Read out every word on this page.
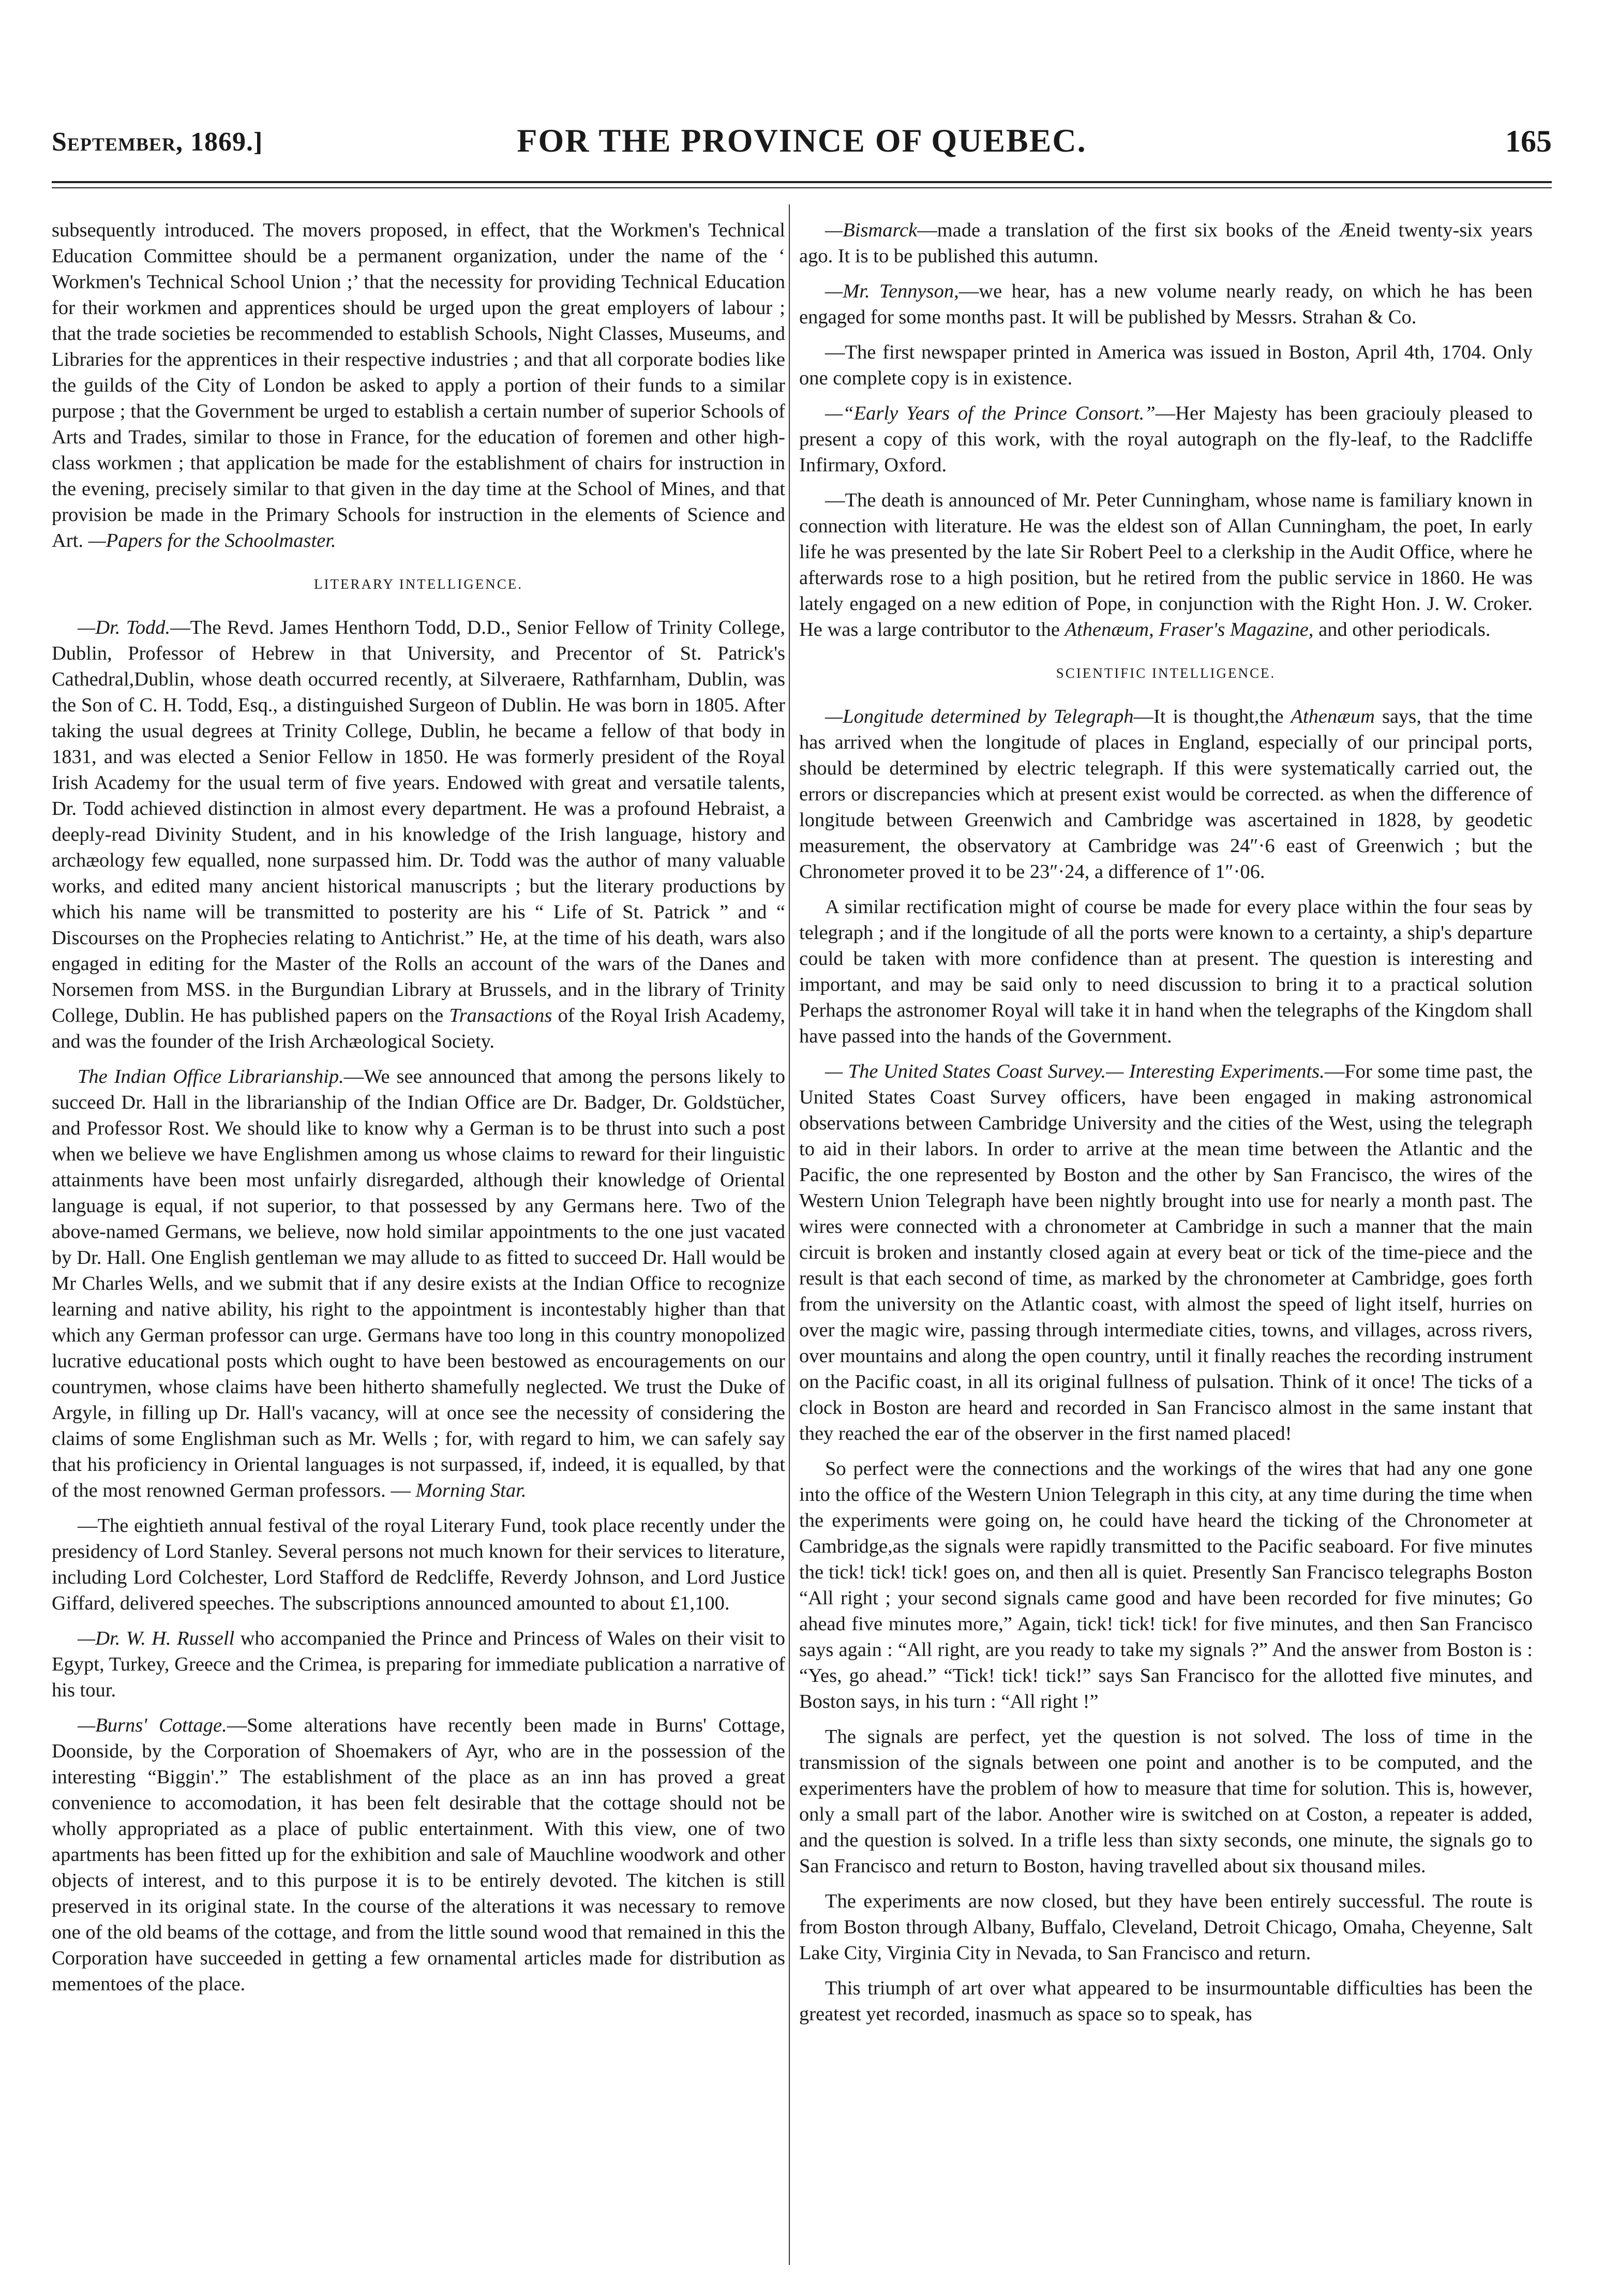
September, 1869.]	FOR THE PROVINCE OF QUEBEC.	165

subsequently introduced. The movers proposed, in effect, that the Workmen's Technical Education Committee should be a permanent organization, under the name of the ‘ Workmen's Technical School Union ;’ that the necessity for providing Technical Education for their workmen and apprentices should be urged upon the great employers of labour ; that the trade societies be recommended to establish Schools, Night Classes, Museums, and Libraries for the apprentices in their respective industries ; and that all corporate bodies like the guilds of the City of London be asked to apply a portion of their funds to a similar purpose ; that the Government be urged to establish a certain number of superior Schools of Arts and Trades, similar to those in France, for the education of foremen and other high-class workmen ; that application be made for the establishment of chairs for instruction in the evening, precisely similar to that given in the day time at the School of Mines, and that provision be made in the Primary Schools for instruction in the elements of Science and Art. —Papers for the Schoolmaster.

LITERARY INTELLIGENCE.

—Dr. Todd.—The Revd. James Henthorn Todd, D.D., Senior Fellow of Trinity College, Dublin, Professor of Hebrew in that University, and Precentor of St. Patrick's Cathedral,Dublin, whose death occurred recently, at Silveraere, Rathfarnham, Dublin, was the Son of C. H. Todd, Esq., a distinguished Surgeon of Dublin. He was born in 1805. After taking the usual degrees at Trinity College, Dublin, he became a fellow of that body in 1831, and was elected a Senior Fellow in 1850. He was formerly president of the Royal Irish Academy for the usual term of five years. Endowed with great and versatile talents, Dr. Todd achieved distinction in almost every department. He was a profound Hebraist, a deeply-read Divinity Student, and in his knowledge of the Irish language, history and archæology few equalled, none surpassed him. Dr. Todd was the author of many valuable works, and edited many ancient historical manuscripts ; but the literary productions by which his name will be transmitted to posterity are his “ Life of St. Patrick ” and “ Discourses on the Prophecies relating to Antichrist.” He, at the time of his death, wars also engaged in editing for the Master of the Rolls an account of the wars of the Danes and Norsemen from MSS. in the Burgundian Library at Brussels, and in the library of Trinity College, Dublin. He has published papers on the Transactions of the Royal Irish Academy, and was the founder of the Irish Archæological Society.

The Indian Office Librarianship.—We see announced that among the persons likely to succeed Dr. Hall in the librarianship of the Indian Office are Dr. Badger, Dr. Goldstücher, and Professor Rost. We should like to know why a German is to be thrust into such a post when we believe we have Englishmen among us whose claims to reward for their linguistic attainments have been most unfairly disregarded, although their knowledge of Oriental language is equal, if not superior, to that possessed by any Germans here. Two of the above-named Germans, we believe, now hold similar appointments to the one just vacated by Dr. Hall. One English gentleman we may allude to as fitted to succeed Dr. Hall would be Mr Charles Wells, and we submit that if any desire exists at the Indian Office to recognize learning and native ability, his right to the appointment is incontestably higher than that which any German professor can urge. Germans have too long in this country monopolized lucrative educational posts which ought to have been bestowed as encouragements on our countrymen, whose claims have been hitherto shamefully neglected. We trust the Duke of Argyle, in filling up Dr. Hall's vacancy, will at once see the necessity of considering the claims of some Englishman such as Mr. Wells ; for, with regard to him, we can safely say that his proficiency in Oriental languages is not surpassed, if, indeed, it is equalled, by that of the most renowned German professors. — Morning Star.

—The eightieth annual festival of the royal Literary Fund, took place recently under the presidency of Lord Stanley. Several persons not much known for their services to literature, including Lord Colchester, Lord Stafford de Redcliffe, Reverdy Johnson, and Lord Justice Giffard, delivered speeches. The subscriptions announced amounted to about £1,100.

—Dr. W. H. Russell who accompanied the Prince and Princess of Wales on their visit to Egypt, Turkey, Greece and the Crimea, is preparing for immediate publication a narrative of his tour.

—Burns' Cottage.—Some alterations have recently been made in Burns' Cottage, Doonside, by the Corporation of Shoemakers of Ayr, who are in the possession of the interesting “Biggin'.” The establishment of the place as an inn has proved a great convenience to accomodation, it has been felt desirable that the cottage should not be wholly appropriated as a place of public entertainment. With this view, one of two apartments has been fitted up for the exhibition and sale of Mauchline woodwork and other objects of interest, and to this purpose it is to be entirely devoted. The kitchen is still preserved in its original state. In the course of the alterations it was necessary to remove one of the old beams of the cottage, and from the little sound wood that remained in this the Corporation have succeeded in getting a few ornamental articles made for distribution as mementoes of the place.

—Bismarck—made a translation of the first six books of the Æneid twenty-six years ago. It is to be published this autumn.

—Mr. Tennyson,—we hear, has a new volume nearly ready, on which he has been engaged for some months past. It will be published by Messrs. Strahan & Co.

—The first newspaper printed in America was issued in Boston, April 4th, 1704. Only one complete copy is in existence.

—“Early Years of the Prince Consort.”—Her Majesty has been graciouly pleased to present a copy of this work, with the royal autograph on the fly-leaf, to the Radcliffe Infirmary, Oxford.

—The death is announced of Mr. Peter Cunningham, whose name is familiary known in connection with literature. He was the eldest son of Allan Cunningham, the poet, In early life he was presented by the late Sir Robert Peel to a clerkship in the Audit Office, where he afterwards rose to a high position, but he retired from the public service in 1860. He was lately engaged on a new edition of Pope, in conjunction with the Right Hon. J. W. Croker. He was a large contributor to the Athenæum, Fraser's Magazine, and other periodicals.

SCIENTIFIC INTELLIGENCE.

—Longitude determined by Telegraph—It is thought,the Athenæum says, that the time has arrived when the longitude of places in England, especially of our principal ports, should be determined by electric telegraph. If this were systematically carried out, the errors or discrepancies which at present exist would be corrected. as when the difference of longitude between Greenwich and Cambridge was ascertained in 1828, by geodetic measurement, the observatory at Cambridge was 24″·6 east of Greenwich ; but the Chronometer proved it to be 23″·24, a difference of 1″·06.

A similar rectification might of course be made for every place within the four seas by telegraph ; and if the longitude of all the ports were known to a certainty, a ship's departure could be taken with more confidence than at present. The question is interesting and important, and may be said only to need discussion to bring it to a practical solution Perhaps the astronomer Royal will take it in hand when the telegraphs of the Kingdom shall have passed into the hands of the Government.

— The United States Coast Survey.— Interesting Experiments.—For some time past, the United States Coast Survey officers, have been engaged in making astronomical observations between Cambridge University and the cities of the West, using the telegraph to aid in their labors. In order to arrive at the mean time between the Atlantic and the Pacific, the one represented by Boston and the other by San Francisco, the wires of the Western Union Telegraph have been nightly brought into use for nearly a month past. The wires were connected with a chronometer at Cambridge in such a manner that the main circuit is broken and instantly closed again at every beat or tick of the time-piece and the result is that each second of time, as marked by the chronometer at Cambridge, goes forth from the university on the Atlantic coast, with almost the speed of light itself, hurries on over the magic wire, passing through intermediate cities, towns, and villages, across rivers, over mountains and along the open country, until it finally reaches the recording instrument on the Pacific coast, in all its original fullness of pulsation. Think of it once! The ticks of a clock in Boston are heard and recorded in San Francisco almost in the same instant that they reached the ear of the observer in the first named placed!

So perfect were the connections and the workings of the wires that had any one gone into the office of the Western Union Telegraph in this city, at any time during the time when the experiments were going on, he could have heard the ticking of the Chronometer at Cambridge,as the signals were rapidly transmitted to the Pacific seaboard. For five minutes the tick! tick! tick! goes on, and then all is quiet. Presently San Francisco telegraphs Boston “All right ; your second signals came good and have been recorded for five minutes; Go ahead five minutes more,” Again, tick! tick! tick! for five minutes, and then San Francisco says again : “All right, are you ready to take my signals ?” And the answer from Boston is : “Yes, go ahead.” “Tick! tick! tick!” says San Francisco for the allotted five minutes, and Boston says, in his turn : “All right !”

The signals are perfect, yet the question is not solved. The loss of time in the transmission of the signals between one point and another is to be computed, and the experimenters have the problem of how to measure that time for solution. This is, however, only a small part of the labor. Another wire is switched on at Coston, a repeater is added, and the question is solved. In a trifle less than sixty seconds, one minute, the signals go to San Francisco and return to Boston, having travelled about six thousand miles.

The experiments are now closed, but they have been entirely successful. The route is from Boston through Albany, Buffalo, Cleveland, Detroit Chicago, Omaha, Cheyenne, Salt Lake City, Virginia City in Nevada, to San Francisco and return.

This triumph of art over what appeared to be insurmountable difficulties has been the greatest yet recorded, inasmuch as space so to speak, has
